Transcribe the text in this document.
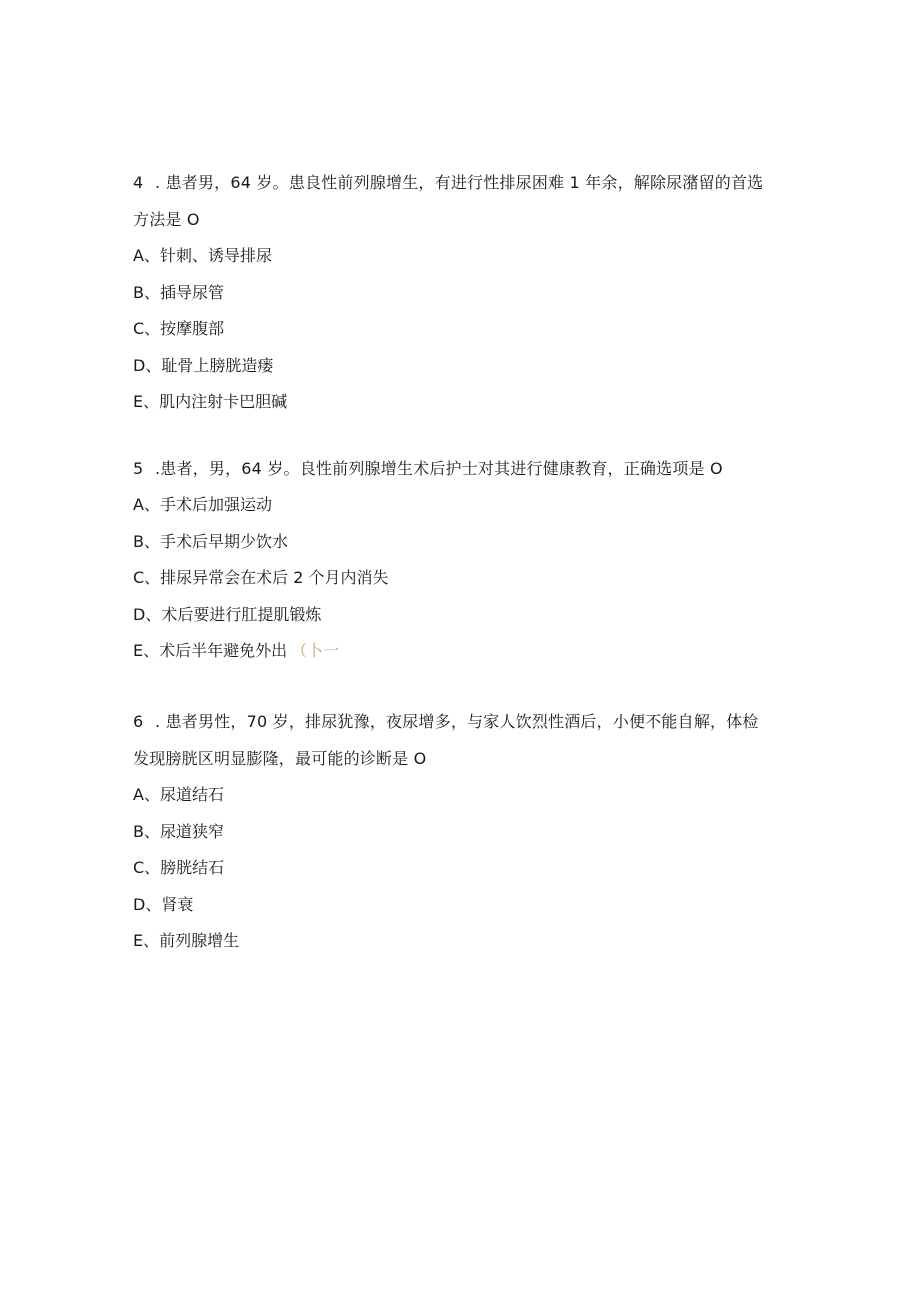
4 . 患者男，64 岁。患良性前列腺增生，有进行性排尿困难 1 年余，解除尿潴留的首选

方法是 O

A、针刺、诱导排尿

B、插导尿管

C、按摩腹部

D、耻骨上膀胱造瘘

E、肌内注射卡巴胆碱

5 .患者，男，64 岁。良性前列腺增生术后护士对其进行健康教育，正确选项是 O

A、手术后加强运动

B、手术后早期少饮水

C、排尿异常会在术后 2 个月内消失

D、术后要进行肛提肌锻炼

E、术后半年避免外出 （卜一

6 . 患者男性，70 岁，排尿犹豫，夜尿增多，与家人饮烈性酒后，小便不能自解，体检

发现膀胱区明显膨隆，最可能的诊断是 O

A、尿道结石

B、尿道狭窄

C、膀胱结石

D、肾衰

E、前列腺增生
